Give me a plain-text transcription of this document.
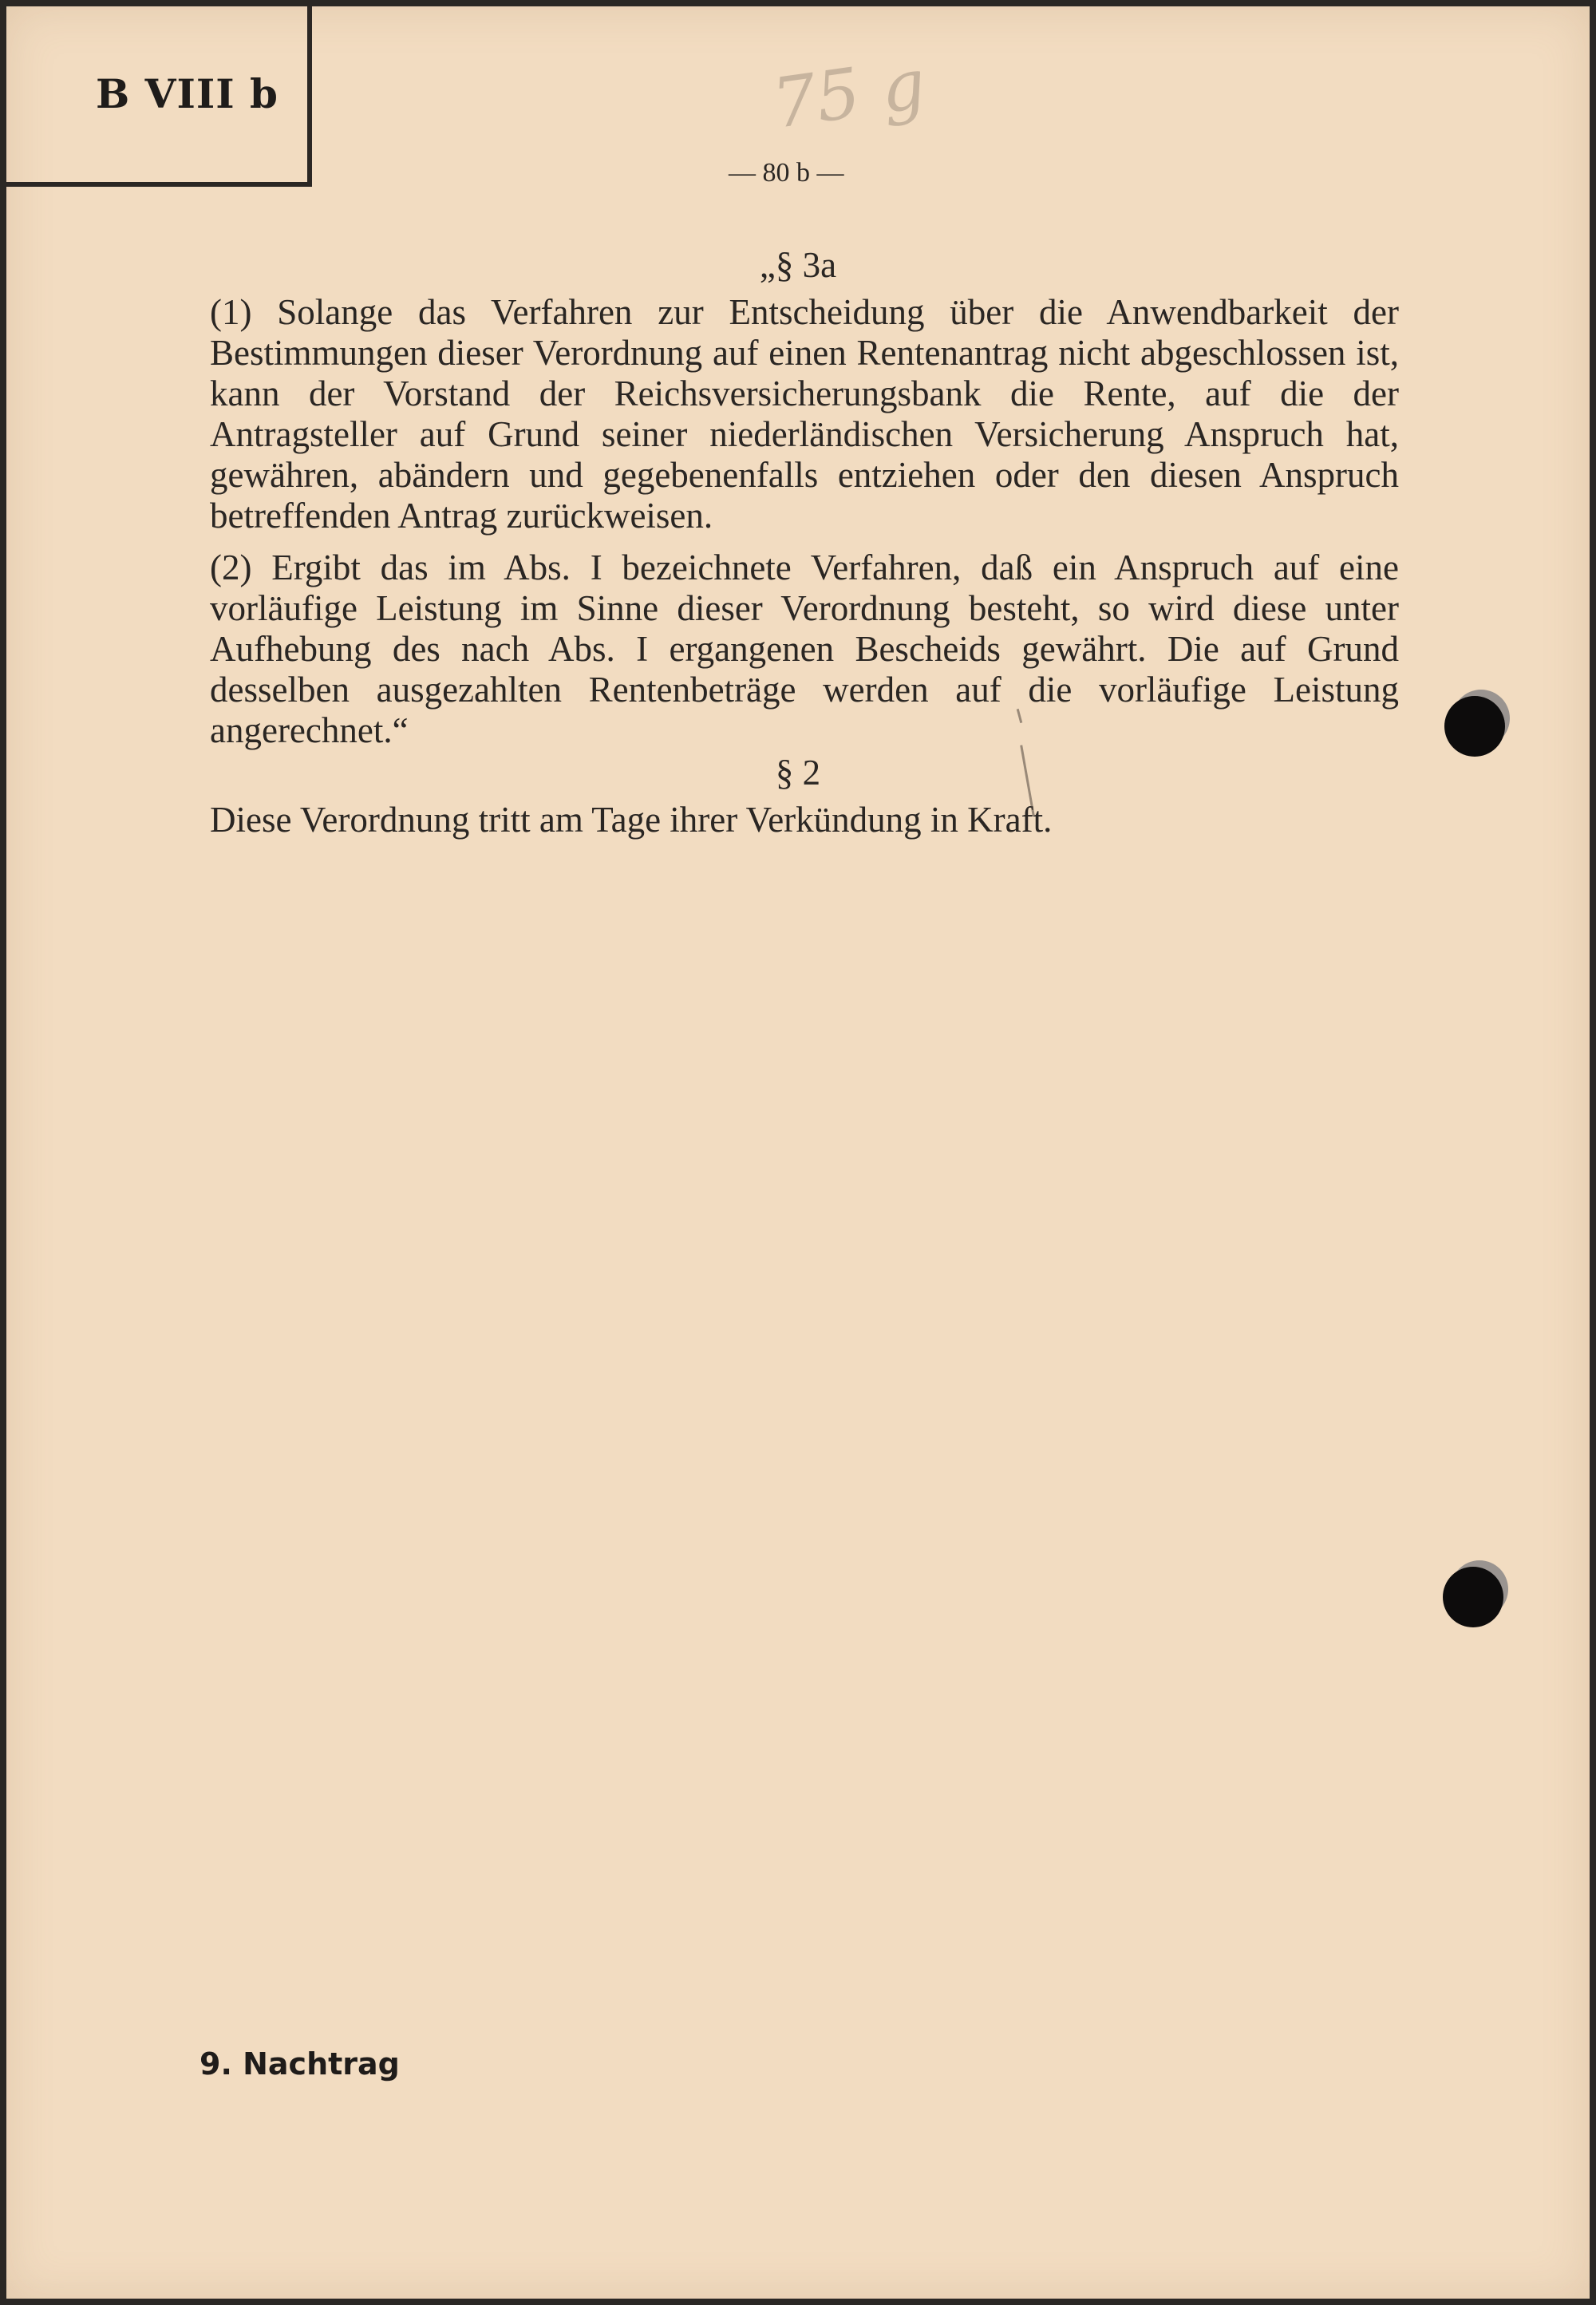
B VIII b	75 g
— 80 b —

„§ 3a

(1) Solange das Verfahren zur Entscheidung über die Anwendbarkeit der Bestimmungen dieser Verordnung auf einen Rentenantrag nicht abgeschlossen ist, kann der Vorstand der Reichsversicherungsbank die Rente, auf die der Antragsteller auf Grund seiner niederländischen Versicherung Anspruch hat, gewähren, abändern und gegebenenfalls entziehen oder den diesen Anspruch betreffenden Antrag zurückweisen.

(2) Ergibt das im Abs. I bezeichnete Verfahren, daß ein Anspruch auf eine vorläufige Leistung im Sinne dieser Verordnung besteht, so wird diese unter Aufhebung des nach Abs. I ergangenen Bescheids gewährt. Die auf Grund desselben ausgezahlten Rentenbeträge werden auf die vorläufige Leistung angerechnet.“

§ 2

Diese Verordnung tritt am Tage ihrer Verkündung in Kraft.

9. Nachtrag
